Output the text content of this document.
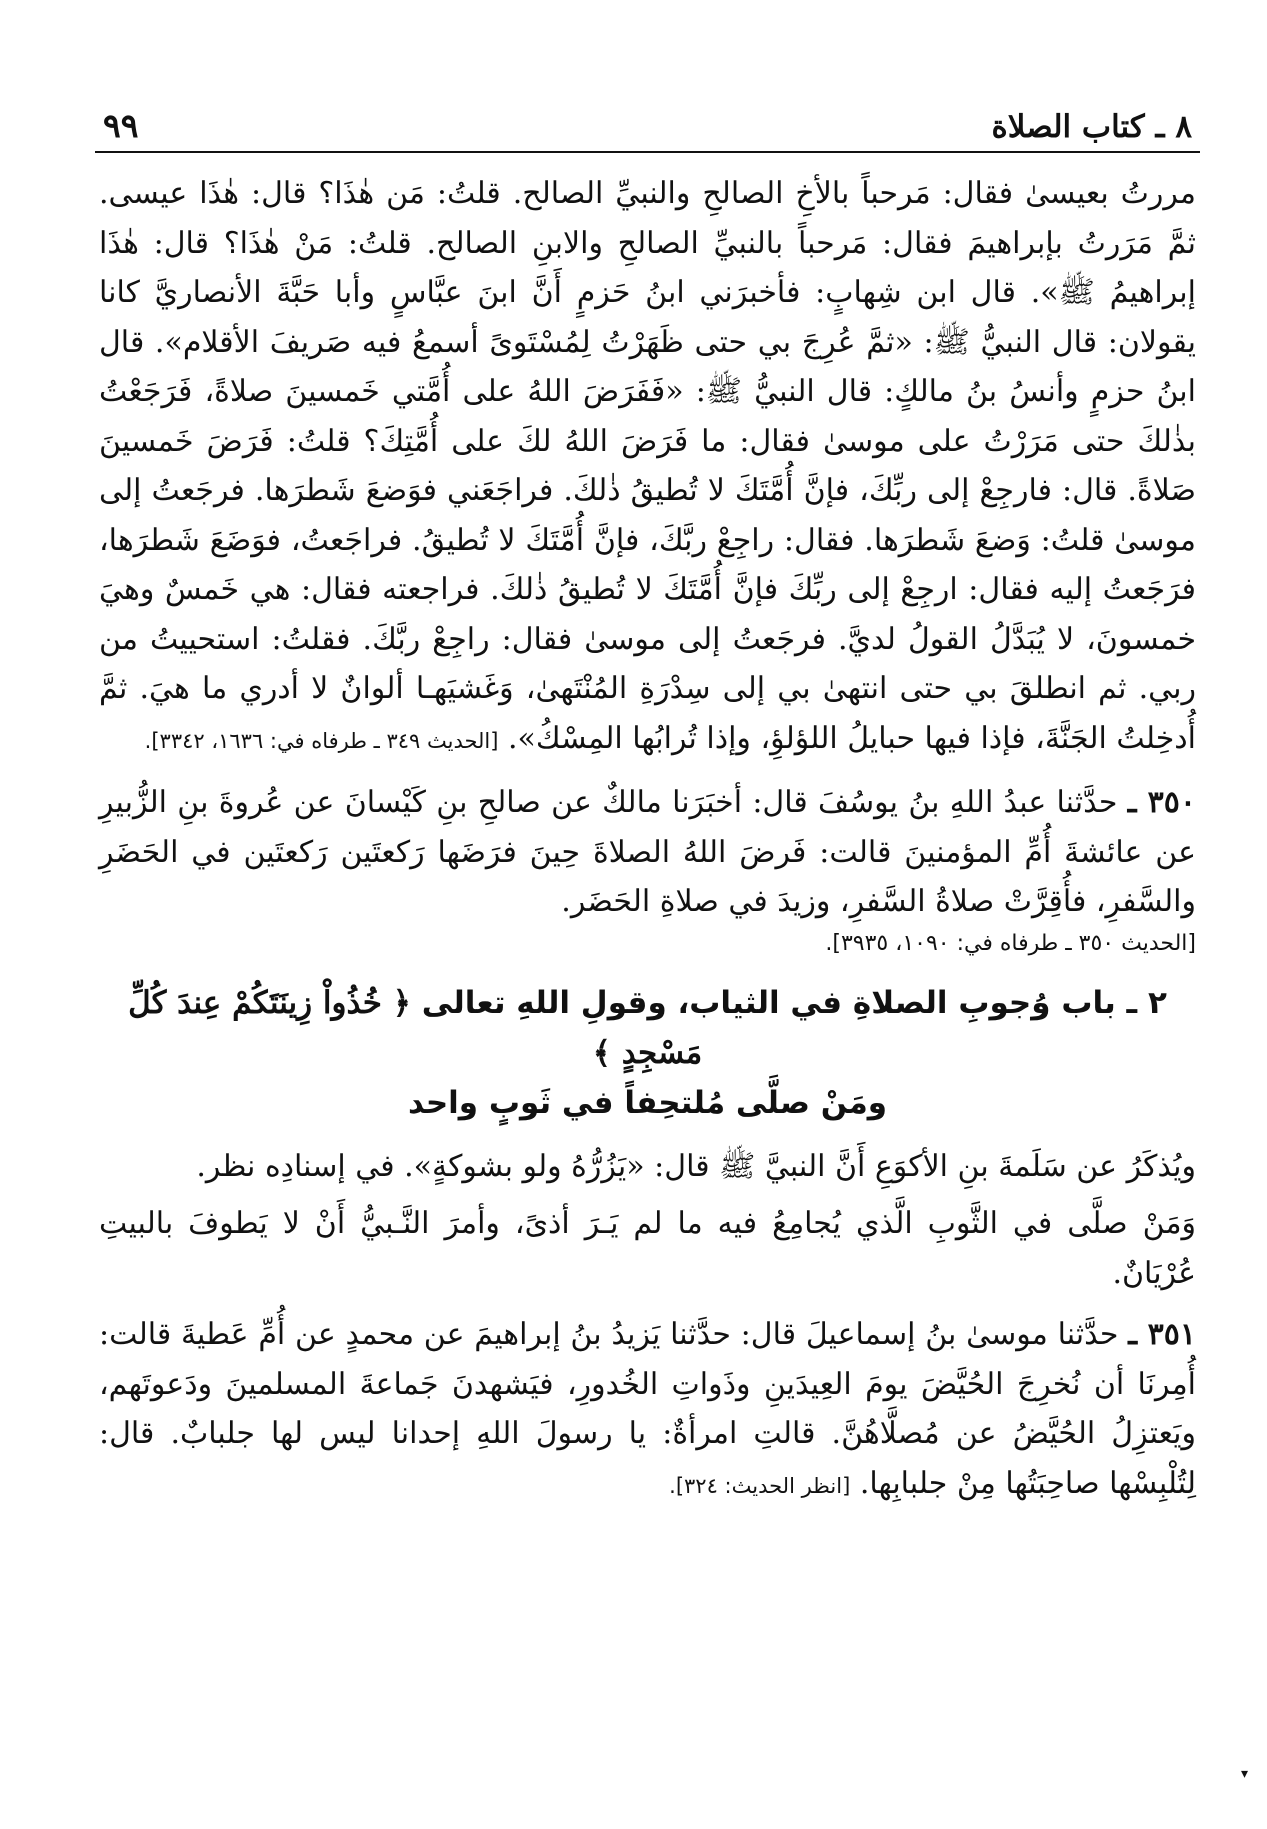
٨ ـ كتاب الصلاة
٩٩

مررتُ بعيسىٰ فقال: مَرحباً بالأخِ الصالحِ والنبيِّ الصالح. قلتُ: مَن هٰذَا؟ قال: هٰذَا عيسى. ثمَّ مَرَرتُ بإبراهيمَ فقال: مَرحباً بالنبيِّ الصالحِ والابنِ الصالح. قلتُ: مَنْ هٰذَا؟ قال: هٰذَا إبراهيمُ ﷺ». قال ابن شِهابٍ: فأخبرَني ابنُ حَزمٍ أَنَّ ابنَ عبَّاسٍ وأبا حَبَّةَ الأنصاريَّ كانا يقولان: قال النبيُّ ﷺ: «ثمَّ عُرِجَ بي حتى ظَهَرْتُ لِمُسْتَوىً أسمعُ فيه صَريفَ الأقلام». قال ابنُ حزمٍ وأنسُ بنُ مالكٍ: قال النبيُّ ﷺ: «فَفَرَضَ اللهُ على أُمَّتي خَمسينَ صلاةً، فَرَجَعْتُ بذٰلكَ حتى مَرَرْتُ على موسىٰ فقال: ما فَرَضَ اللهُ لكَ على أُمَّتِكَ؟ قلتُ: فَرَضَ خَمسينَ صَلاةً. قال: فارجِعْ إلى ربِّكَ، فإنَّ أُمَّتَكَ لا تُطيقُ ذٰلكَ. فراجَعَني فوَضعَ شَطرَها. فرجَعتُ إلى موسىٰ قلتُ: وَضعَ شَطرَها. فقال: راجِعْ ربَّكَ، فإنَّ أُمَّتَكَ لا تُطيقُ. فراجَعتُ، فوَضَعَ شَطرَها، فرَجَعتُ إليه فقال: ارجِعْ إلى ربِّكَ فإنَّ أُمَّتَكَ لا تُطيقُ ذٰلكَ. فراجعته فقال: هي خَمسٌ وهيَ خمسونَ، لا يُبَدَّلُ القولُ لديَّ. فرجَعتُ إلى موسىٰ فقال: راجِعْ ربَّكَ. فقلتُ: استحييتُ من ربي. ثم انطلقَ بي حتى انتهىٰ بي إلى سِدْرَةِ المُنْتَهىٰ، وَغَشيَهـا ألوانٌ لا أدري ما هيَ. ثمَّ أُدخِلتُ الجَنَّةَ، فإذا فيها حبايلُ اللؤلؤِ، وإذا تُرابُها المِسْكُ». [الحديث ٣٤٩ ـ طرفاه في: ١٦٣٦، ٣٣٤٢].

٣٥٠ ـ حدَّثنا عبدُ اللهِ بنُ يوسُفَ قال: أخبَرَنا مالكٌ عن صالحِ بنِ كَيْسانَ عن عُروةَ بنِ الزُّبيرِ عن عائشةَ أُمِّ المؤمنينَ قالت: فَرضَ اللهُ الصلاةَ حِينَ فرَضَها رَكعتَين رَكعتَين في الحَضَرِ والسَّفرِ، فأُقِرَّتْ صلاةُ السَّفرِ، وزيدَ في صلاةِ الحَضَر.

[الحديث ٣٥٠ ـ طرفاه في: ١٠٩٠، ٣٩٣٥].

٢ ـ باب وُجوبِ الصلاةِ في الثياب، وقولِ اللهِ تعالى ﴿ خُذُواْ زِينَتَكُمْ عِندَ كُلِّ مَسْجِدٍ ﴾
ومَنْ صلَّى مُلتحِفاً في ثَوبٍ واحد

ويُذكَرُ عن سَلَمةَ بنِ الأكوَعِ أَنَّ النبيَّ ﷺ قال: «يَزُرُّهُ ولو بشوكةٍ». في إسنادِه نظر.

وَمَنْ صلَّى في الثَّوبِ الَّذي يُجامِعُ فيه ما لم يَـرَ أذىً، وأمرَ النَّـبيُّ أَنْ لا يَطوفَ بالبيتِ عُرْيَانٌ.

٣٥١ ـ حدَّثنا موسىٰ بنُ إسماعيلَ قال: حدَّثنا يَزيدُ بنُ إبراهيمَ عن محمدٍ عن أُمِّ عَطيةَ قالت: أُمِرنَا أن نُخرِجَ الحُيَّضَ يومَ العِيدَينِ وذَواتِ الخُدورِ، فيَشهدنَ جَماعةَ المسلمينَ ودَعوتَهم، ويَعتزِلُ الحُيَّضُ عن مُصلَّاهُنَّ. قالتِ امرأةٌ: يا رسولَ اللهِ إحدانا ليس لها جلبابٌ. قال: لِتُلْبِسْها صاحِبَتُها مِنْ جلبابِها. [انظر الحديث: ٣٢٤].

▾
